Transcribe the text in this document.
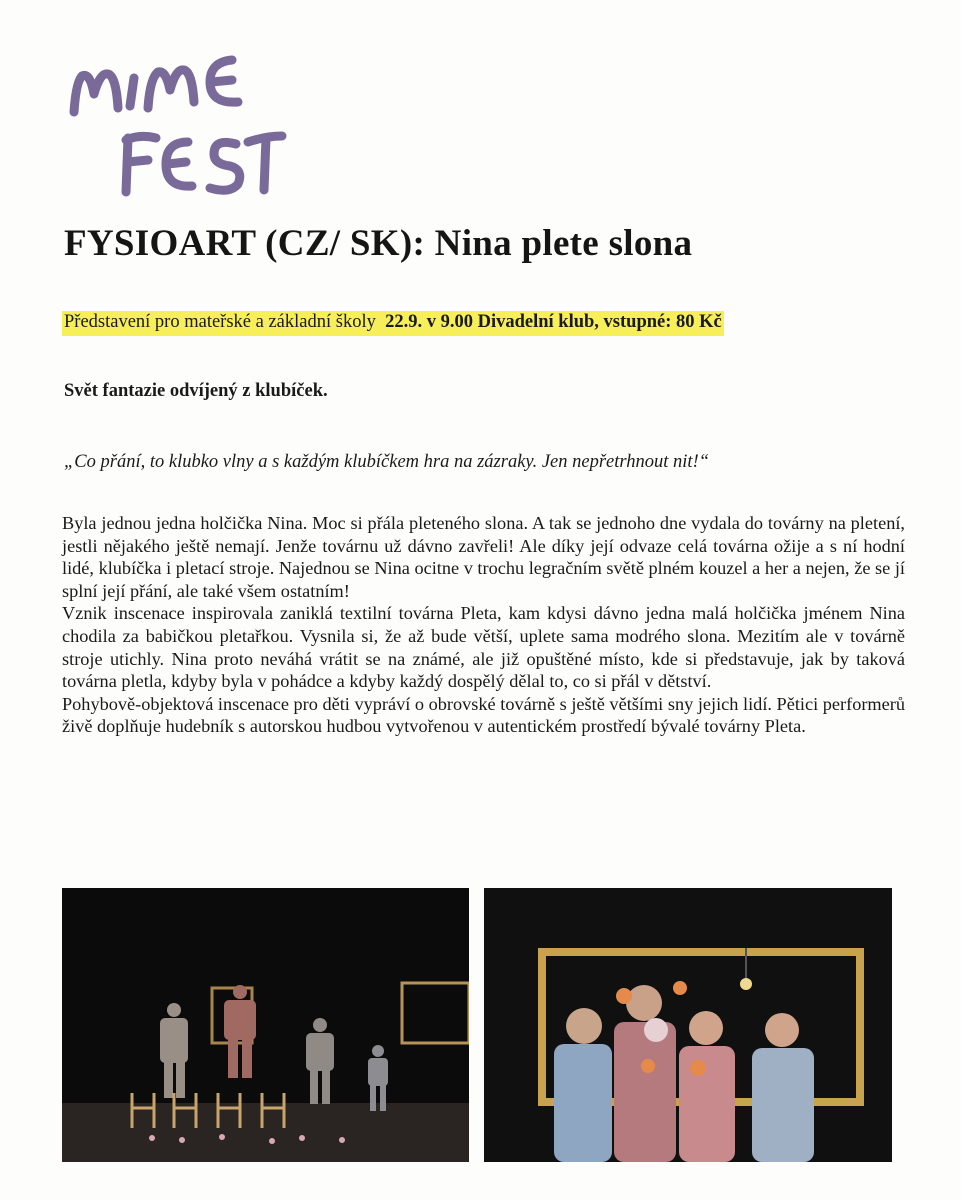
MIME
FYSIOART (CZ/ SK): Nina plete slona
Představení pro mateřské a základní školy 22.9. v 9.00 Divadelní klub, vstupné: 80 Kč
Svět fantazie odvíjený z klubíček.

„Co přání, to klubko vlny a s každým klubíčkem hra na zázraky. Jen nepřetrhnout nit!“

Byla jednou jedna holčička Nina. Moc si přála pleteného slona. A tak se jednoho dne vydala do továrny na pletení, jestli nějakého ještě nemají. Jenže továrnu už dávno zavřeli! Ale díky její odvaze celá továrna ožije a s ní hodní lidé, klubíčka i pletací stroje. Najednou se Nina ocitne v trochu legračním světě plném kouzel a her a nejen, že se jí splní její přání, ale také všem ostatním!

Vznik inscenace inspirovala zaniklá textilní továrna Pleta, kam kdysi dávno jedna malá holčička jménem Nina chodila za babičkou pletařkou. Vysnila si, že až bude větší, uplete sama modrého slona. Mezitím ale v továrně stroje utichly. Nina proto neváhá vrátit se na známé, ale již opuštěné místo, kde si představuje, jak by taková továrna pletla, kdyby byla v pohádce a kdyby každý dospělý dělal to, co si přál v dětství.

Pohybově-objektová inscenace pro děti vypráví o obrovské továrně s ještě většími sny jejich lidí. Pětici performerů živě doplňuje hudebník s autorskou hudbou vytvořenou v autentickém prostředí bývalé továrny Pleta.
